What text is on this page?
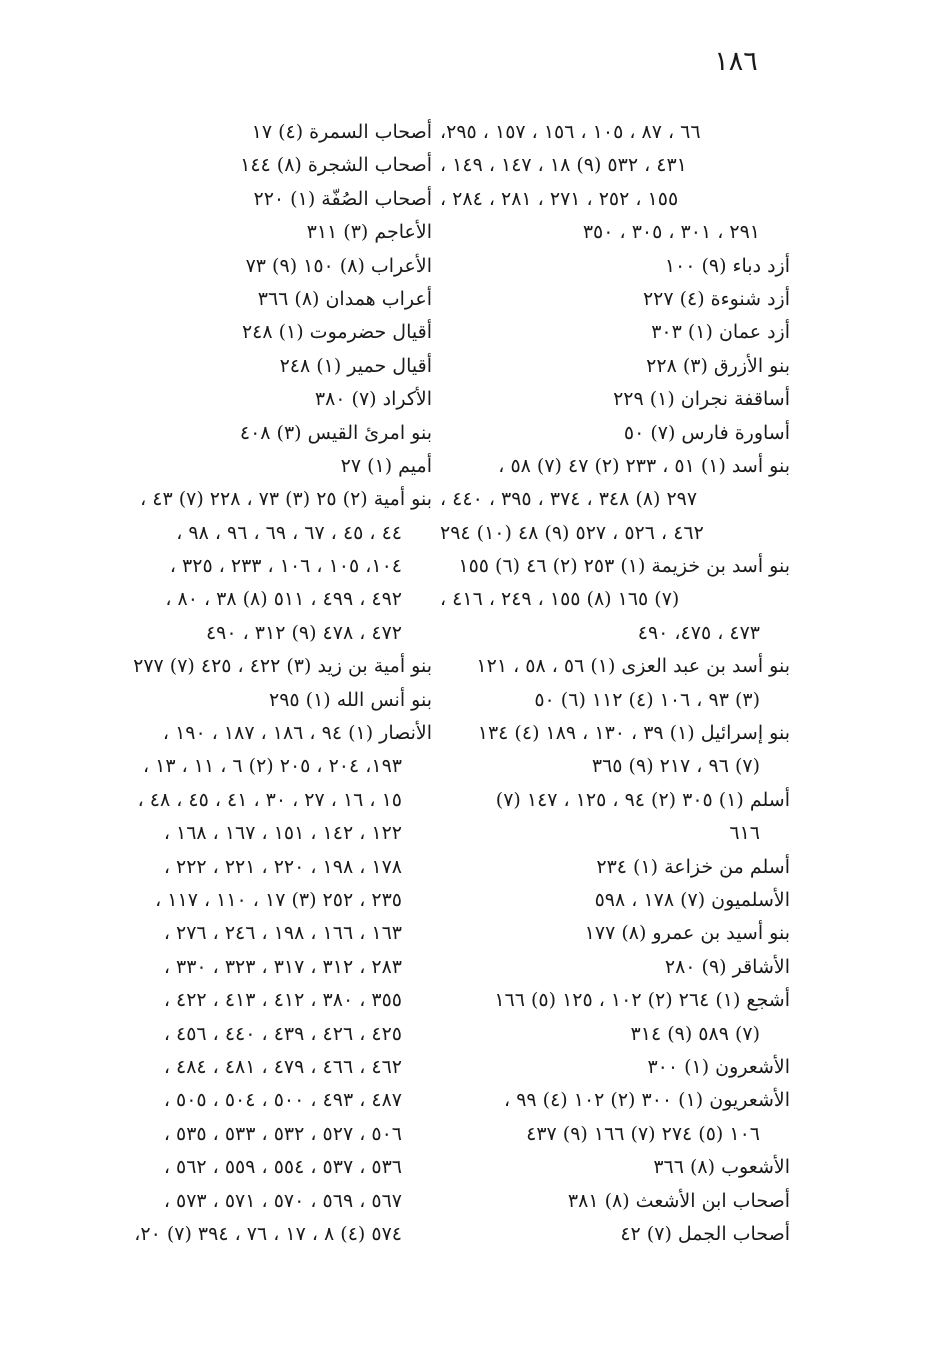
١٨٦
٦٦ ، ٨٧ ، ١٠٥ ، ١٥٦ ، ١٥٧ ، ٢٩٥،
٤٣١ ، ٥٣٢ (٩) ١٨ ، ١٤٧ ، ١٤٩ ،
١٥٥ ، ٢٥٢ ، ٢٧١ ، ٢٨١ ، ٢٨٤ ،
٢٩١ ، ٣٠١ ، ٣٠٥ ، ٣٥٠
أزد دباء (٩) ١٠٠
أزد شنوءة (٤) ٢٢٧
أزد عمان (١) ٣٠٣
بنو الأزرق (٣) ٢٢٨
أساقفة نجران (١) ٢٢٩
أساورة فارس (٧) ٥٠
بنو أسد (١) ٥١ ، ٢٣٣ (٢) ٤٧ (٧) ٥٨ ،
٢٩٧ (٨) ٣٤٨ ، ٣٧٤ ، ٣٩٥ ، ٤٤٠ ،
٤٦٢ ، ٥٢٦ ، ٥٢٧ (٩) ٤٨ (١٠) ٢٩٤
بنو أسد بن خزيمة (١) ٢٥٣ (٢) ٤٦ (٦) ١٥٥
(٧) ١٦٥ (٨) ١٥٥ ، ٢٤٩ ، ٤١٦ ،
٤٧٣ ، ٤٧٥، ٤٩٠
بنو أسد بن عبد العزى (١) ٥٦ ، ٥٨ ، ١٢١
(٣) ٩٣ ، ١٠٦ (٤) ١١٢ (٦) ٥٠
بنو إسرائيل (١) ٣٩ ، ١٣٠ ، ١٨٩ (٤) ١٣٤
(٧) ٩٦ ، ٢١٧ (٩) ٣٦٥
أسلم (١) ٣٠٥ (٢) ٩٤ ، ١٢٥ ، ١٤٧ (٧)
٦١٦
أسلم من خزاعة (١) ٢٣٤
الأسلميون (٧) ١٧٨ ، ٥٩٨
بنو أسيد بن عمرو (٨) ١٧٧
الأشاقر (٩) ٢٨٠
أشجع (١) ٢٦٤ (٢) ١٠٢ ، ١٢٥ (٥) ١٦٦
(٧) ٥٨٩ (٩) ٣١٤
الأشعرون (١) ٣٠٠
الأشعريون (١) ٣٠٠ (٢) ١٠٢ (٤) ٩٩ ،
١٠٦ (٥) ٢٧٤ (٧) ١٦٦ (٩) ٤٣٧
الأشعوب (٨) ٣٦٦
أصحاب ابن الأشعث (٨) ٣٨١
أصحاب الجمل (٧) ٤٢
أصحاب السمرة (٤) ١٧
أصحاب الشجرة (٨) ١٤٤
أصحاب الصُفّة (١) ٢٢٠
الأعاجم (٣) ٣١١
الأعراب (٨) ١٥٠ (٩) ٧٣
أعراب همدان (٨) ٣٦٦
أقيال حضرموت (١) ٢٤٨
أقيال حمير (١) ٢٤٨
الأكراد (٧) ٣٨٠
بنو امرئ القيس (٣) ٤٠٨
أميم (١) ٢٧
بنو أمية (٢) ٢٥ (٣) ٧٣ ، ٢٢٨ (٧) ٤٣ ،
٤٤ ، ٤٥ ، ٦٧ ، ٦٩ ، ٩٦ ، ٩٨ ،
١٠٤، ١٠٥ ، ١٠٦ ، ٢٣٣ ، ٣٢٥ ،
٤٩٢ ، ٤٩٩ ، ٥١١ (٨) ٣٨ ، ٨٠ ،
٤٧٢ ، ٤٧٨ (٩) ٣١٢ ، ٤٩٠
بنو أمية بن زيد (٣) ٤٢٢ ، ٤٢٥ (٧) ٢٧٧
بنو أنس الله (١) ٢٩٥
الأنصار (١) ٩٤ ، ١٨٦ ، ١٨٧ ، ١٩٠ ،
١٩٣، ٢٠٤ ، ٢٠٥ (٢) ٦ ، ١١ ، ١٣ ،
١٥ ، ١٦ ، ٢٧ ، ٣٠ ، ٤١ ، ٤٥ ، ٤٨ ،
١٢٢ ، ١٤٢ ، ١٥١ ، ١٦٧ ، ١٦٨ ،
١٧٨ ، ١٩٨ ، ٢٢٠ ، ٢٢١ ، ٢٢٢ ،
٢٣٥ ، ٢٥٢ (٣) ١٧ ، ١١٠ ، ١١٧ ،
١٦٣ ، ١٦٦ ، ١٩٨ ، ٢٤٦ ، ٢٧٦ ،
٢٨٣ ، ٣١٢ ، ٣١٧ ، ٣٢٣ ، ٣٣٠ ،
٣٥٥ ، ٣٨٠ ، ٤١٢ ، ٤١٣ ، ٤٢٢ ،
٤٢٥ ، ٤٢٦ ، ٤٣٩ ، ٤٤٠ ، ٤٥٦ ،
٤٦٢ ، ٤٦٦ ، ٤٧٩ ، ٤٨١ ، ٤٨٤ ،
٤٨٧ ، ٤٩٣ ، ٥٠٠ ، ٥٠٤ ، ٥٠٥ ،
٥٠٦ ، ٥٢٧ ، ٥٣٢ ، ٥٣٣ ، ٥٣٥ ،
٥٣٦ ، ٥٣٧ ، ٥٥٤ ، ٥٥٩ ، ٥٦٢ ،
٥٦٧ ، ٥٦٩ ، ٥٧٠ ، ٥٧١ ، ٥٧٣ ،
٥٧٤ (٤) ٨ ، ١٧ ، ٧٦ ، ٣٩٤ (٧) ٢٠،
